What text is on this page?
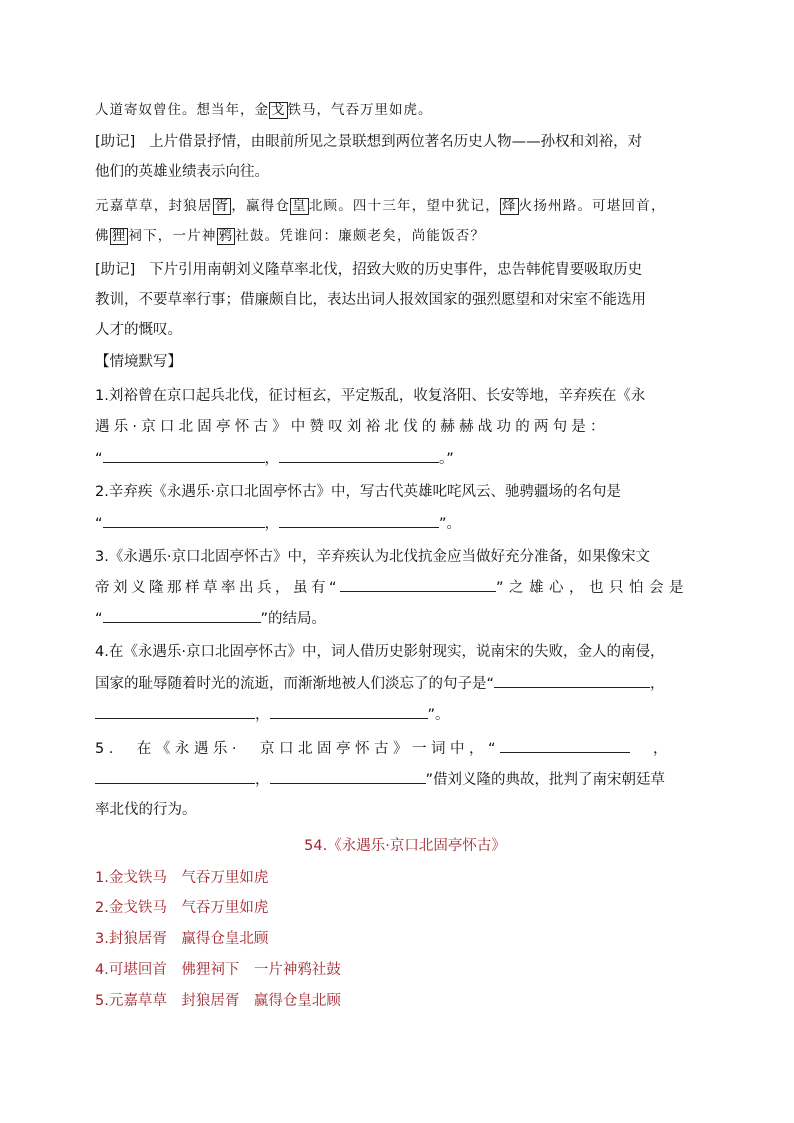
人道寄奴曾住。想当年，金 戈 铁马，气吞万里如虎。
[助记] 上片借景抒情，由眼前所见之景联想到两位著名历史人物——孙权和刘裕，对
他们的英雄业绩表示向往。
元嘉草草，封狼居 胥 ，赢得仓 皇 北顾。四十三年，望中犹记， 烽 火扬州路。可堪回首，
佛 狸 祠下，一片神 鸦 社鼓。凭谁问：廉颇老矣，尚能饭否？
[助记] 下片引用南朝刘义隆草率北伐，招致大败的历史事件，忠告韩侂胄要吸取历史
教训，不要草率行事；借廉颇自比，表达出词人报效国家的强烈愿望和对宋室不能选用
人才的慨叹。
【情境默写】
1.刘裕曾在京口起兵北伐，征讨桓玄，平定叛乱，收复洛阳、长安等地，辛弃疾在《永
遇乐·京口北固亭怀古》中赞叹刘裕北伐的赫赫战功的两句是：
“	，	。”
2.辛弃疾《永遇乐·京口北固亭怀古》中，写古代英雄叱咤风云、驰骋疆场的名句是
“	，	”。
3.《永遇乐·京口北固亭怀古》中，辛弃疾认为北伐抗金应当做好充分准备，如果像宋文
帝刘义隆那样草率出兵，虽有“	”之雄心，也只怕会是
“	”的结局。
4.在《永遇乐·京口北固亭怀古》中，词人借历史影射现实，说南宋的失败，金人的南侵，
国家的耻辱随着时光的流逝，而渐渐地被人们淡忘了的句子是“	，
，	”。
5.　在《永遇乐·　京口北固亭怀古》一词中，“	，
，	”借刘义隆的典故，批判了南宋朝廷草
率北伐的行为。
54.《永遇乐·京口北固亭怀古》
1.金戈铁马　气吞万里如虎
2.金戈铁马　气吞万里如虎
3.封狼居胥　赢得仓皇北顾
4.可堪回首　佛狸祠下　一片神鸦社鼓
5.元嘉草草　封狼居胥　赢得仓皇北顾
